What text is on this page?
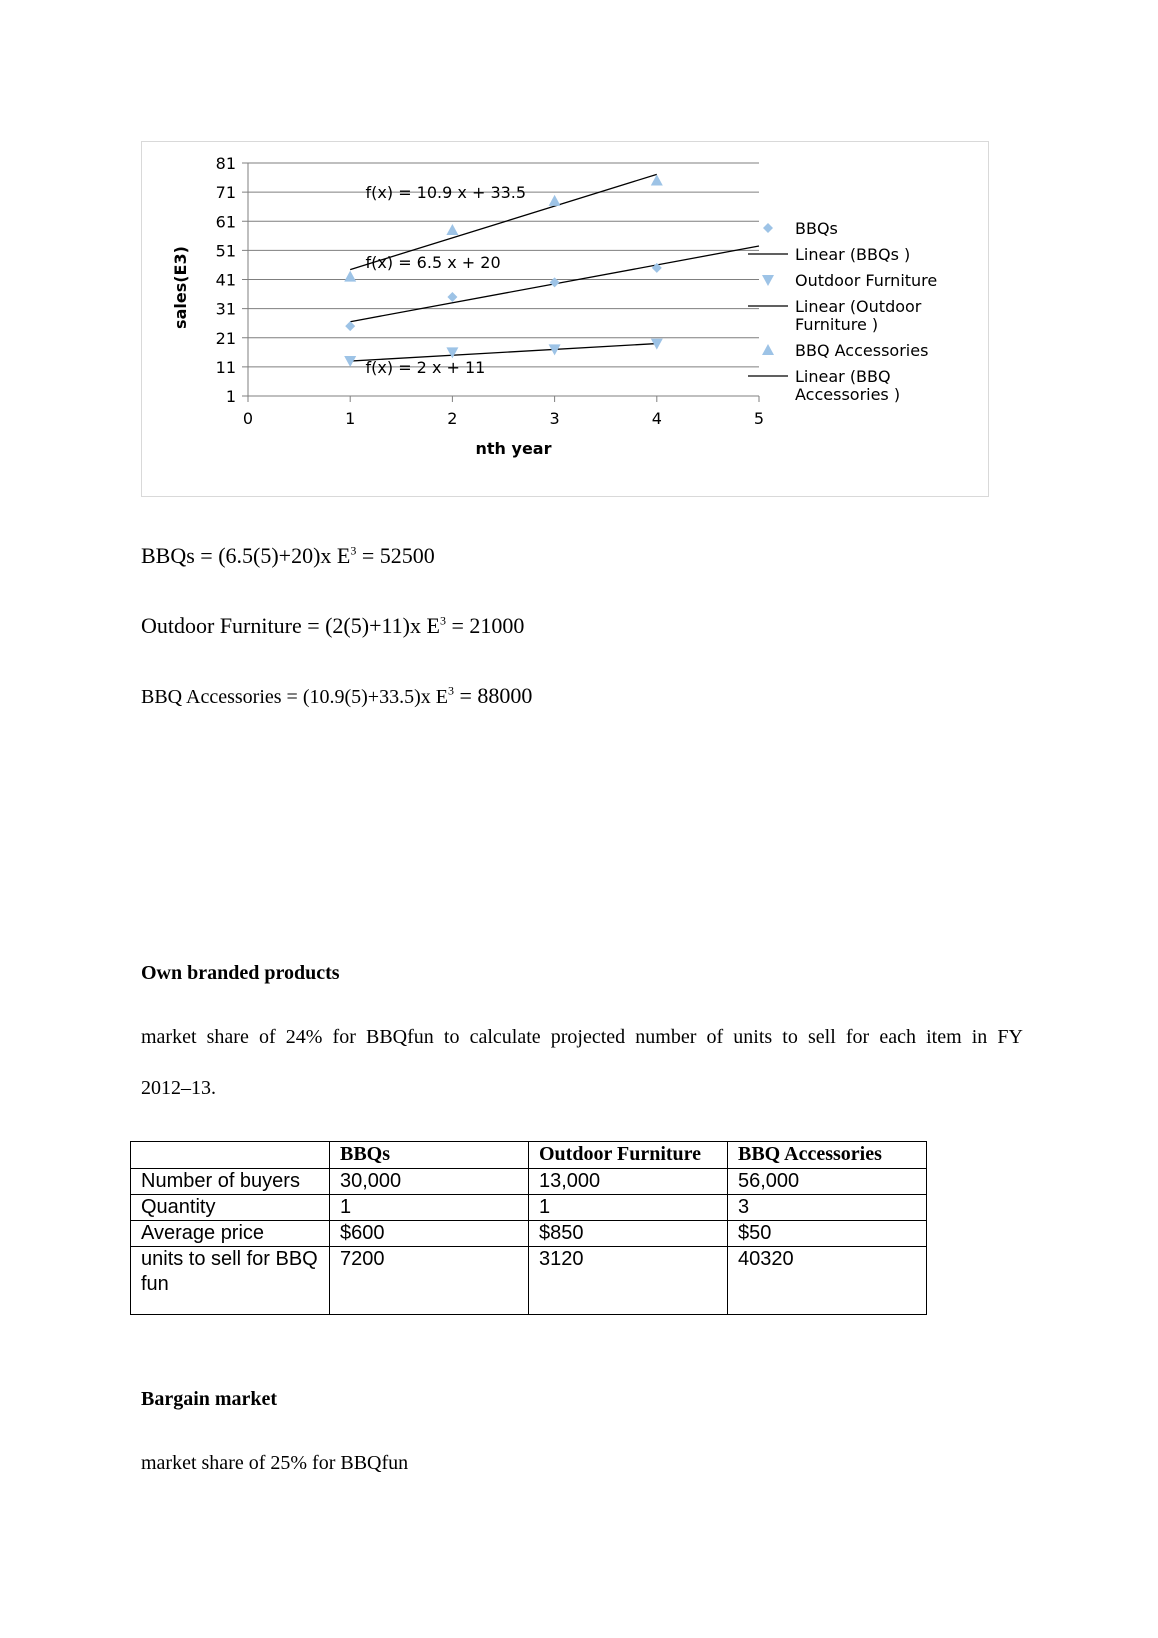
81
71
61
51
41
31
21
11
1
0	1	2	3	4	5
nth year
sales(E3)	f(x) = 6.5 x + 20
f(x) = 2 x + 11
f(x) = 10.9 x + 33.5
BBQs
Linear (BBQs )
Outdoor Furniture
Linear (Outdoor
Furniture )
BBQ Accessories
Linear (BBQ
Accessories )
BBQs = (6.5(5)+20)x $E^3 = 52500$
Outdoor Furniture = (2(5)+11)x $E^3 = 21000$
BBQ Accessories = (10.9(5)+33.5)x $E^3 = 88000$
Own branded products
market share of 24% for BBQfun to calculate projected number of units to sell for each item in FY
2012–13.
	BBQs	Outdoor Furniture	BBQ Accessories
Number of buyers	30,000	13,000	56,000
Quantity	1	1	3
Average price	$600	$850	$50
units to sell for BBQ fun	7200	3120	40320
Bargain market
market share of 25% for BBQfun
